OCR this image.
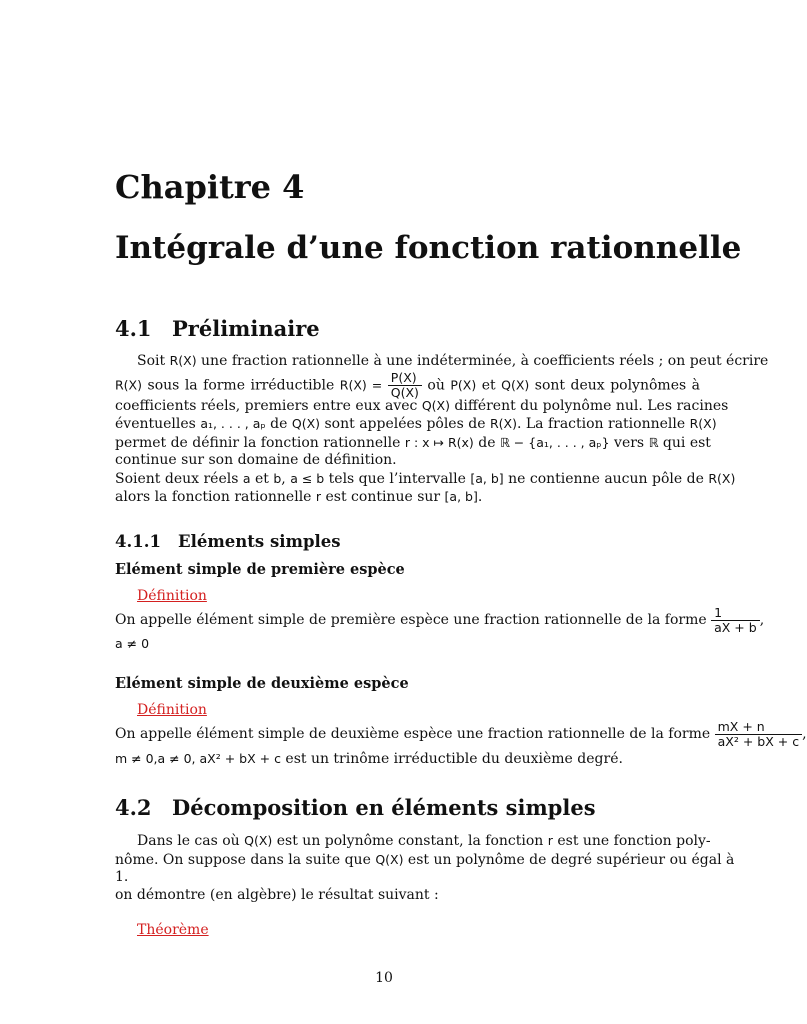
Chapitre 4
Intégrale d’une fonction rationnelle
4.1 Préliminaire
Soit R(X) une fraction rationnelle à une indéterminée, à coefficients réels ; on peut écrire
R(X) sous la forme irréductible $R(X) = \frac{P(X)}{Q(X)}$ où P(X) et Q(X) sont deux polynômes à
coefficients réels, premiers entre eux avec Q(X) différent du polynôme nul. Les racines
éventuelles a₁, . . . , aₚ de Q(X) sont appelées pôles de R(X). La fraction rationnelle R(X)
permet de définir la fonction rationnelle r : x ↦ R(x) de ℝ − {a₁, . . . , aₚ} vers ℝ qui est
continue sur son domaine de définition.
Soient deux réels a et b, a ≤ b tels que l’intervalle [a, b] ne contienne aucun pôle de R(X)
alors la fonction rationnelle r est continue sur [a, b].
4.1.1 Eléments simples
Elément simple de première espèce
Définition
On appelle élément simple de première espèce une fraction rationnelle de la forme $\frac{1}{aX + b}$ ,
a ≠ 0
Elément simple de deuxième espèce
Définition
On appelle élément simple de deuxième espèce une fraction rationnelle de la forme $\frac{mX + n}{\text{aX² + bX + c}}$ ,
m ≠ 0,a ≠ 0, aX² + bX + c est un trinôme irréductible du deuxième degré.
4.2 Décomposition en éléments simples
Dans le cas où Q(X) est un polynôme constant, la fonction r est une fonction poly-
nôme. On suppose dans la suite que Q(X) est un polynôme de degré supérieur ou égal à
1.
on démontre (en algèbre) le résultat suivant :
Théorème
10
